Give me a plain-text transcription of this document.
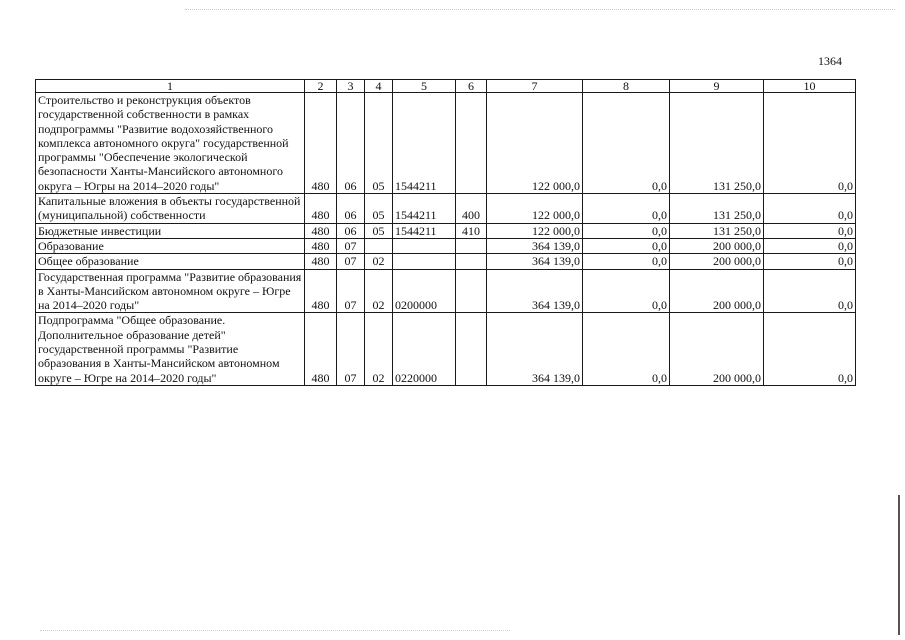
1364
1	2	3	4	5	6	7	8	9	10
Строительство и реконструкция объектов государственной собственности в рамках подпрограммы "Развитие водохозяйственного комплекса автономного округа" государственной программы "Обеспечение экологической безопасности Ханты-Мансийского автономного округа – Югры на 2014–2020 годы"	480	06	05	1544211		122 000,0	0,0	131 250,0	0,0
Капитальные вложения в объекты государственной (муниципальной) собственности	480	06	05	1544211	400	122 000,0	0,0	131 250,0	0,0
Бюджетные инвестиции	480	06	05	1544211	410	122 000,0	0,0	131 250,0	0,0
Образование	480	07				364 139,0	0,0	200 000,0	0,0
Общее образование	480	07	02			364 139,0	0,0	200 000,0	0,0
Государственная программа "Развитие образования в Ханты-Мансийском автономном округе – Югре на 2014–2020 годы"	480	07	02	0200000		364 139,0	0,0	200 000,0	0,0
Подпрограмма "Общее образование. Дополнительное образование детей" государственной программы "Развитие образования в Ханты-Мансийском автономном округе – Югре на 2014–2020 годы"	480	07	02	0220000		364 139,0	0,0	200 000,0	0,0
